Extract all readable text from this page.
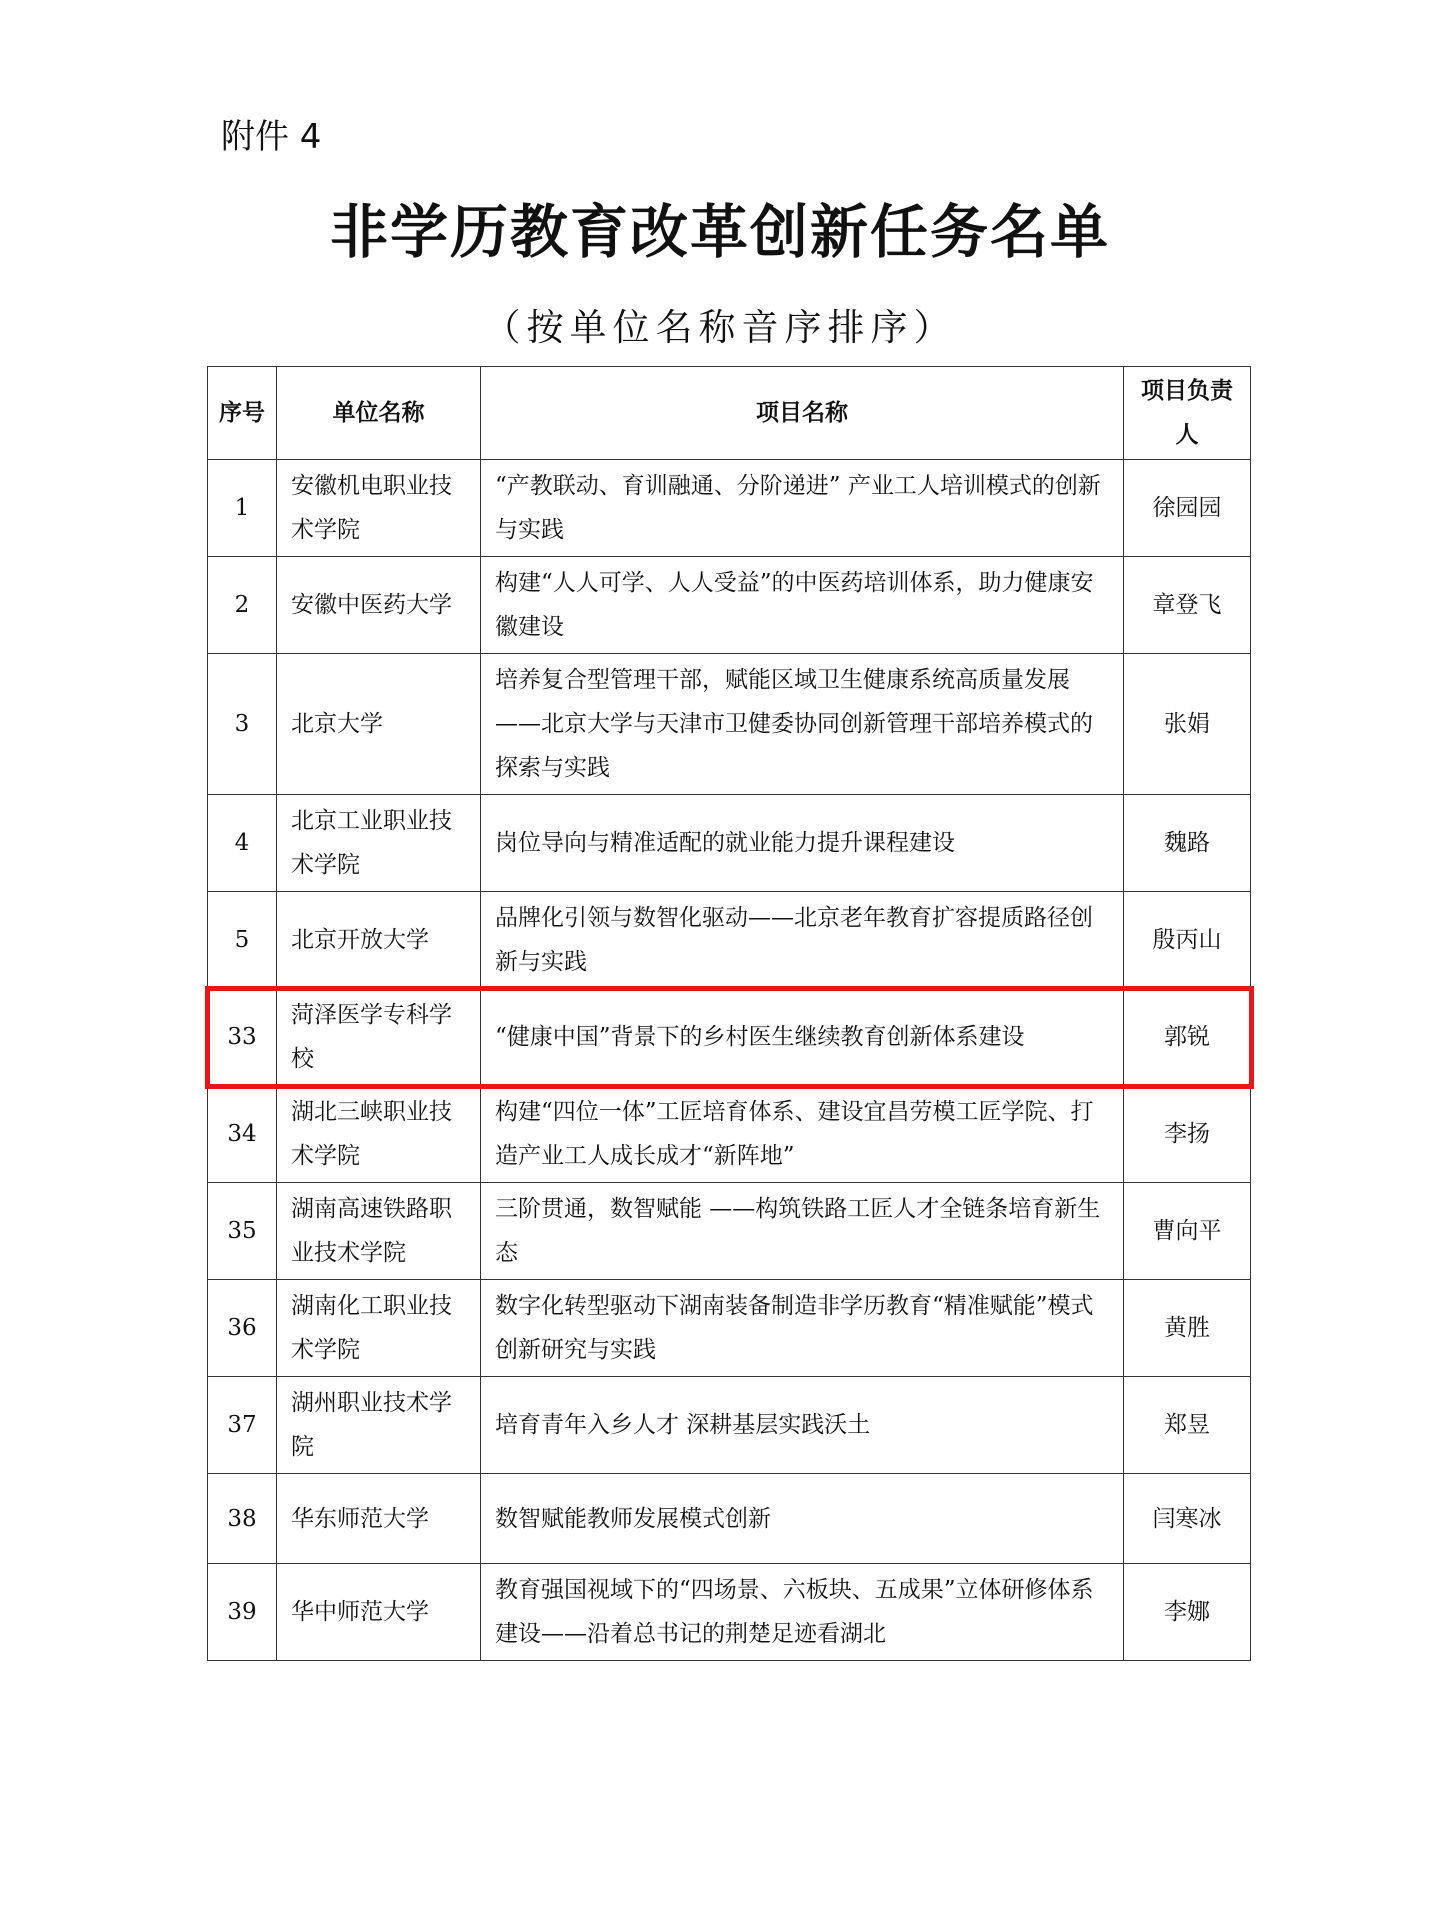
附件 4
非学历教育改革创新任务名单
（按单位名称音序排序）
序号	单位名称	项目名称	项目负责人
1	安徽机电职业技术学院	“产教联动、育训融通、分阶递进” 产业工人培训模式的创新与实践	徐园园
2	安徽中医药大学	构建“人人可学、人人受益”的中医药培训体系，助力健康安徽建设	章登飞
3	北京大学	培养复合型管理干部，赋能区域卫生健康系统高质量发展——北京大学与天津市卫健委协同创新管理干部培养模式的探索与实践	张娟
4	北京工业职业技术学院	岗位导向与精准适配的就业能力提升课程建设	魏路
5	北京开放大学	品牌化引领与数智化驱动——北京老年教育扩容提质路径创新与实践	殷丙山
33	菏泽医学专科学校	“健康中国”背景下的乡村医生继续教育创新体系建设	郭锐
34	湖北三峡职业技术学院	构建“四位一体”工匠培育体系、建设宜昌劳模工匠学院、打造产业工人成长成才“新阵地”	李扬
35	湖南高速铁路职业技术学院	三阶贯通，数智赋能 ——构筑铁路工匠人才全链条培育新生态	曹向平
36	湖南化工职业技术学院	数字化转型驱动下湖南装备制造非学历教育“精准赋能”模式创新研究与实践	黄胜
37	湖州职业技术学院	培育青年入乡人才 深耕基层实践沃土	郑昱
38	华东师范大学	数智赋能教师发展模式创新	闫寒冰
39	华中师范大学	教育强国视域下的“四场景、六板块、五成果”立体研修体系建设——沿着总书记的荆楚足迹看湖北	李娜
